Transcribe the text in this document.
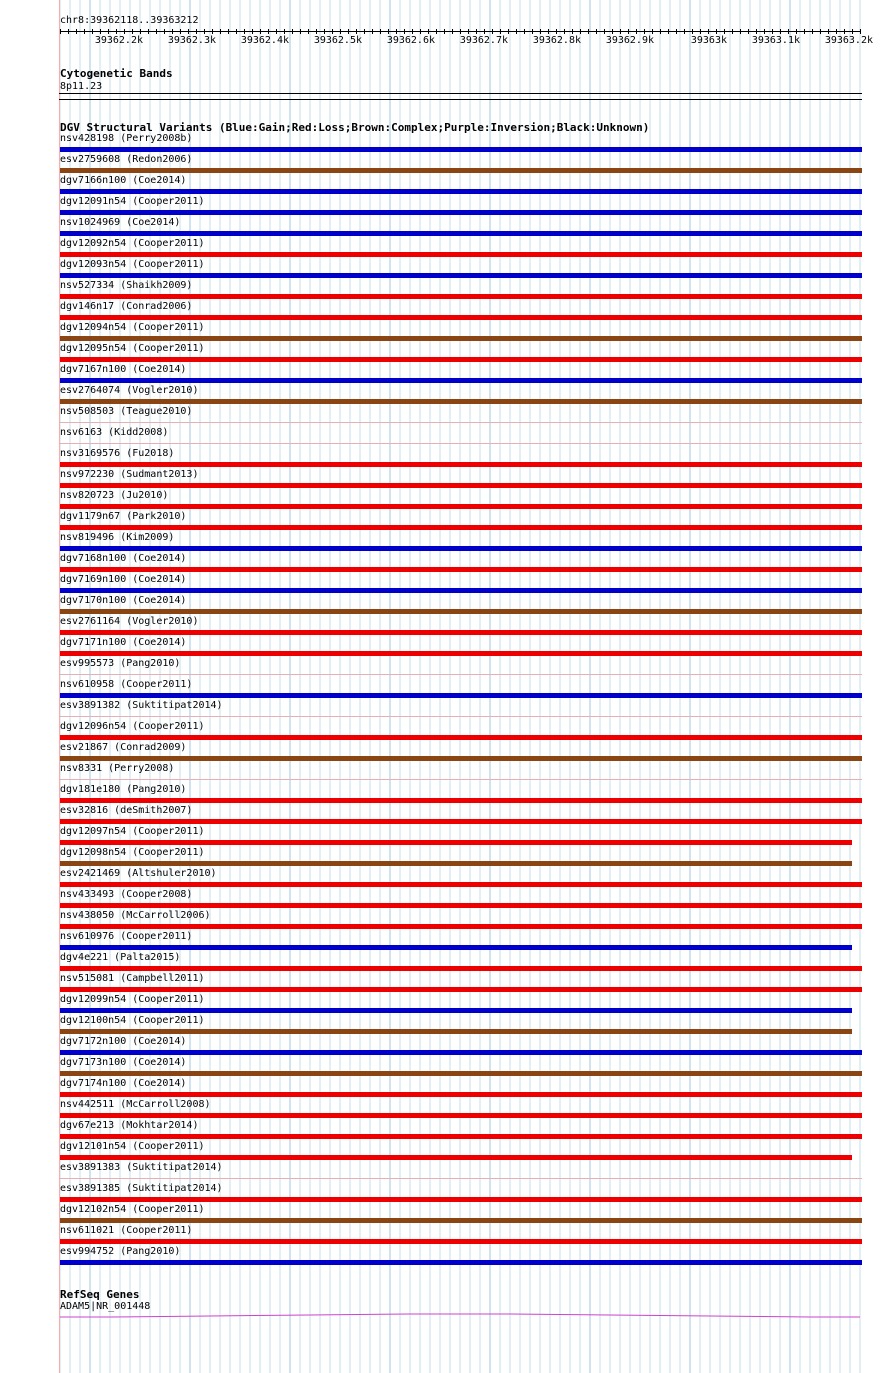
chr8:39362118..39363212
39362.2k 39362.3k 39362.4k 39362.5k 39362.6k 39362.7k 39362.8k 39362.9k	39363k 39363.1k 39363.2k
Cytogenetic Bands
8p11.23
DGV Structural Variants (Blue:Gain;Red:Loss;Brown:Complex;Purple:Inversion;Black:Unknown)
nsv428198 (Perry2008b)
esv2759608 (Redon2006)
dgv7166n100 (Coe2014)
dgv12091n54 (Cooper2011)
nsv1024969 (Coe2014)
dgv12092n54 (Cooper2011)
dgv12093n54 (Cooper2011)
nsv527334 (Shaikh2009)
dgv146n17 (Conrad2006)
dgv12094n54 (Cooper2011)
dgv12095n54 (Cooper2011)
dgv7167n100 (Coe2014)
esv2764074 (Vogler2010)
nsv508503 (Teague2010)
nsv6163 (Kidd2008)
nsv3169576 (Fu2018)
nsv972230 (Sudmant2013)
nsv820723 (Ju2010)
dgv1179n67 (Park2010)
nsv819496 (Kim2009)
dgv7168n100 (Coe2014)
dgv7169n100 (Coe2014)
dgv7170n100 (Coe2014)
esv2761164 (Vogler2010)
dgv7171n100 (Coe2014)
esv995573 (Pang2010)
nsv610958 (Cooper2011)
esv3891382 (Suktitipat2014)
dgv12096n54 (Cooper2011)
esv21867 (Conrad2009)
nsv8331 (Perry2008)
dgv181e180 (Pang2010)
esv32816 (deSmith2007)
dgv12097n54 (Cooper2011)
dgv12098n54 (Cooper2011)
esv2421469 (Altshuler2010)
nsv433493 (Cooper2008)
nsv438050 (McCarroll2006)
nsv610976 (Cooper2011)
dgv4e221 (Palta2015)
nsv515081 (Campbell2011)
dgv12099n54 (Cooper2011)
dgv12100n54 (Cooper2011)
dgv7172n100 (Coe2014)
dgv7173n100 (Coe2014)
dgv7174n100 (Coe2014)
nsv442511 (McCarroll2008)
dgv67e213 (Mokhtar2014)
dgv12101n54 (Cooper2011)
esv3891383 (Suktitipat2014)
esv3891385 (Suktitipat2014)
dgv12102n54 (Cooper2011)
nsv611021 (Cooper2011)
esv994752 (Pang2010)
RefSeq Genes
ADAM5|NR_001448
